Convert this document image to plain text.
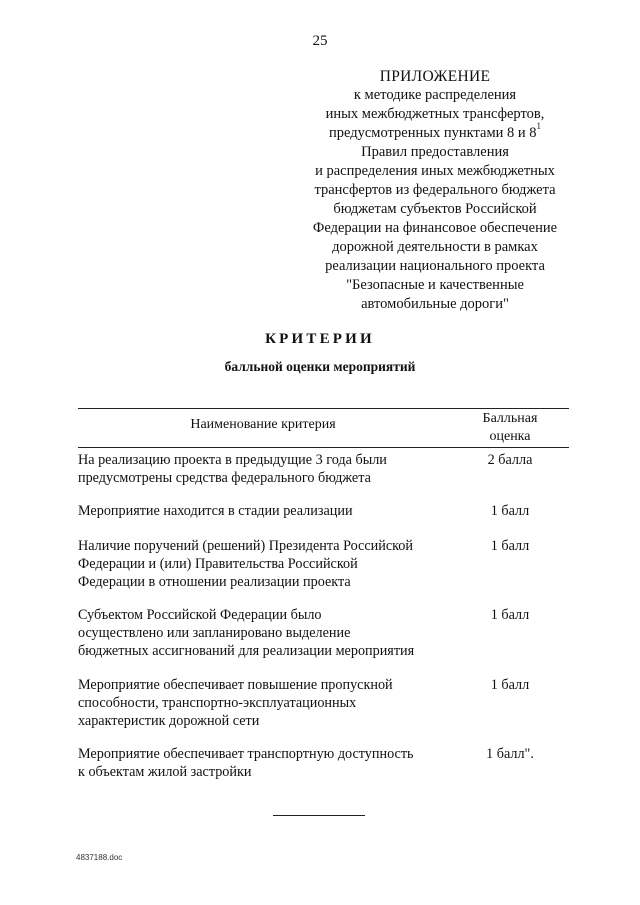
25
ПРИЛОЖЕНИЕ
к методике распределения
иных межбюджетных трансфертов,
предусмотренных пунктами 8 и $8^1$
Правил предоставления
и распределения иных межбюджетных
трансфертов из федерального бюджета
бюджетам субъектов Российской
Федерации на финансовое обеспечение
дорожной деятельности в рамках
реализации национального проекта
"Безопасные и качественные
автомобильные дороги"
КРИТЕРИИ
балльной оценки мероприятий
Наименование критерия	Балльная
оценка
На реализацию проекта в предыдущие 3 года были
предусмотрены средства федерального бюджета
2 балла
Мероприятие находится в стадии реализации	1 балл
Наличие поручений (решений) Президента Российской
Федерации и (или) Правительства Российской
Федерации в отношении реализации проекта
1 балл
Субъектом Российской Федерации было
осуществлено или запланировано выделение
бюджетных ассигнований для реализации мероприятия
1 балл
Мероприятие обеспечивает повышение пропускной
способности, транспортно-эксплуатационных
характеристик дорожной сети
1 балл
Мероприятие обеспечивает транспортную доступность
к объектам жилой застройки
1 балл".
4837188.doc
